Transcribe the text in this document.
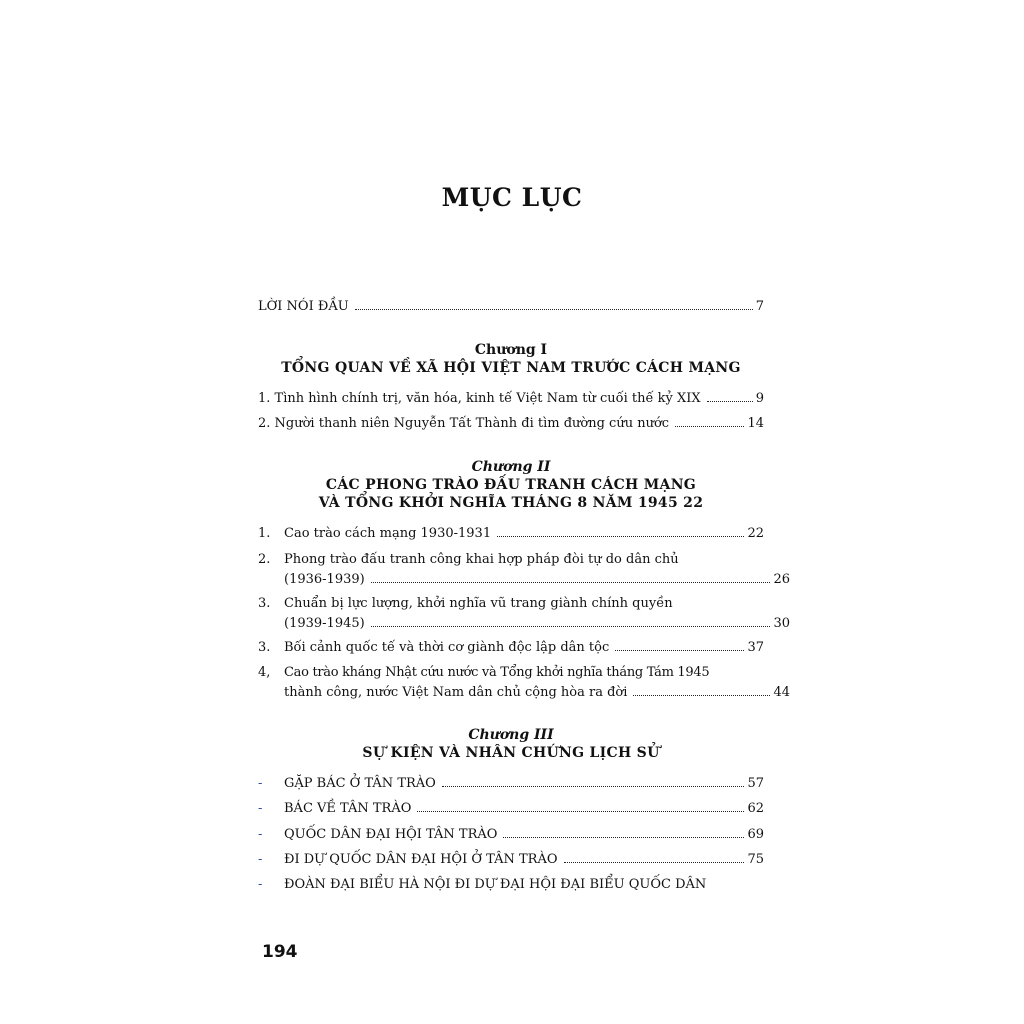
MỤC LỤC
LỜI NÓI ĐẦU	7
Chương I
TỔNG QUAN VỀ XÃ HỘI VIỆT NAM TRƯỚC CÁCH MẠNG
1. Tình hình chính trị, văn hóa, kinh tế Việt Nam từ cuối thế kỷ XIX	9
2. Người thanh niên Nguyễn Tất Thành đi tìm đường cứu nước	14
Chương II
CÁC PHONG TRÀO ĐẤU TRANH CÁCH MẠNG
VÀ TỔNG KHỞI NGHĨA THÁNG 8 NĂM 1945 22
1. Cao trào cách mạng 1930-1931	22
2. Phong trào đấu tranh công khai hợp pháp đòi tự do dân chủ
(1936-1939)	26
3. Chuẩn bị lực lượng, khởi nghĩa vũ trang giành chính quyền
(1939-1945)	30
3. Bối cảnh quốc tế và thời cơ giành độc lập dân tộc	37
4, Cao trào kháng Nhật cứu nước và Tổng khởi nghĩa tháng Tám 1945
thành công, nước Việt Nam dân chủ cộng hòa ra đời	44
Chương III
SỰ KIỆN VÀ NHÂN CHỨNG LỊCH SỬ
- GẶP BÁC Ở TÂN TRÀO	57
- BÁC VỀ TÂN TRÀO	62
- QUỐC DÂN ĐẠI HỘI TÂN TRÀO	69
- ĐI DỰ QUỐC DÂN ĐẠI HỘI Ở TÂN TRÀO	75
- ĐOÀN ĐẠI BIỂU HÀ NỘI ĐI DỰ ĐẠI HỘI ĐẠI BIỂU QUỐC DÂN
194
